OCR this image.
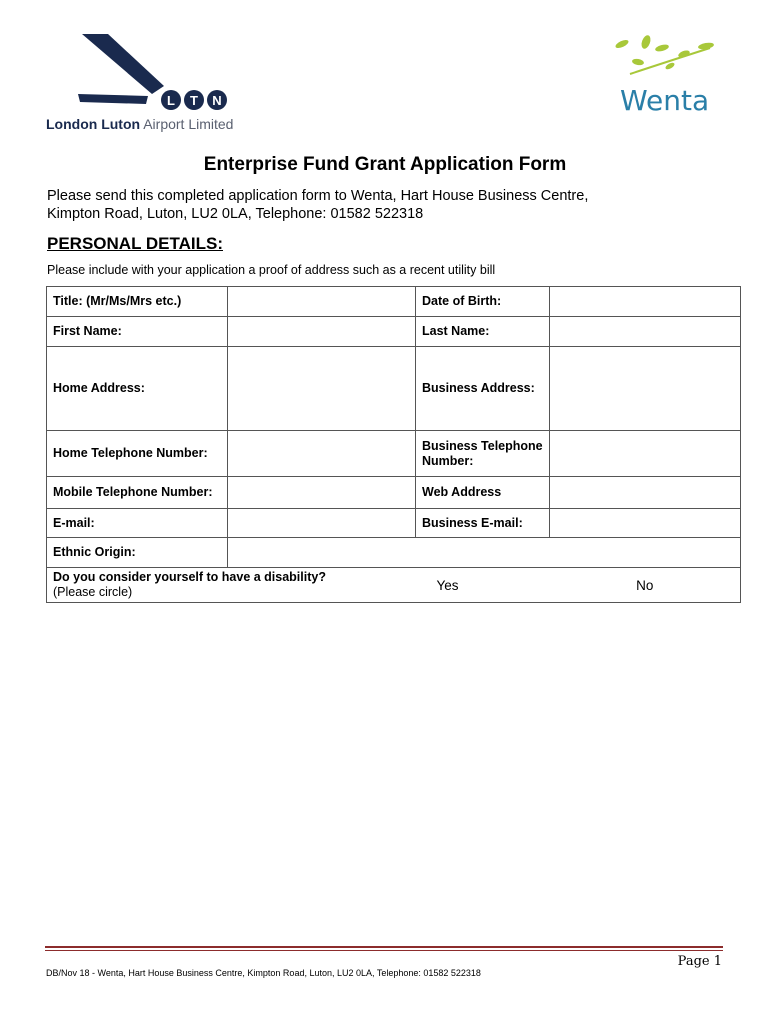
L T N
London Luton Airport Limited
Wenta
Enterprise Fund Grant Application Form
Please send this completed application form to Wenta, Hart House Business Centre,
Kimpton Road, Luton, LU2 0LA, Telephone: 01582 522318
PERSONAL DETAILS:
Please include with your application a proof of address such as a recent utility bill
Title: (Mr/Ms/Mrs etc.)		Date of Birth:	
First Name:		Last Name:	
Home Address:		Business Address:	
Home Telephone Number:		Business Telephone Number:	
Mobile Telephone Number:		Web Address	
E-mail:		Business E-mail:	
Ethnic Origin:			

Do you consider yourself to have a disability?
(Please circle)		Yes	No
Page 1
DB/Nov 18 - Wenta, Hart House Business Centre, Kimpton Road, Luton, LU2 0LA, Telephone: 01582 522318
